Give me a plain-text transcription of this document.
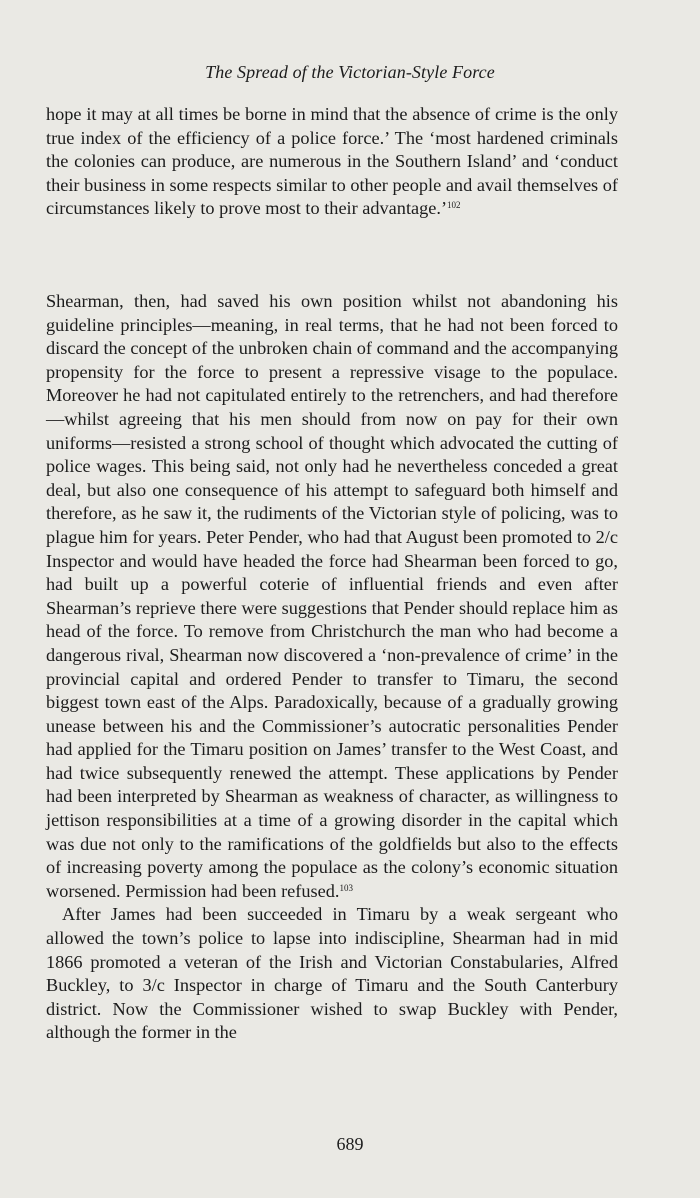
The Spread of the Victorian-Style Force

hope it may at all times be borne in mind that the absence of crime is the only true index of the efficiency of a police force.’ The ‘most hardened criminals the colonies can produce, are numerous in the Southern Island’ and ‘conduct their business in some respects similar to other people and avail themselves of circumstances likely to prove most to their advantage.’$^{102}$

Shearman, then, had saved his own position whilst not abandoning his guideline principles—meaning, in real terms, that he had not been forced to discard the concept of the unbroken chain of command and the accompanying propensity for the force to present a repressive visage to the populace. Moreover he had not capitulated entirely to the retrenchers, and had therefore—whilst agreeing that his men should from now on pay for their own uniforms—resisted a strong school of thought which advocated the cutting of police wages. This being said, not only had he nevertheless conceded a great deal, but also one consequence of his attempt to safeguard both himself and therefore, as he saw it, the rudiments of the Victorian style of policing, was to plague him for years. Peter Pender, who had that August been promoted to 2/c Inspector and would have headed the force had Shearman been forced to go, had built up a powerful coterie of influential friends and even after Shearman’s reprieve there were suggestions that Pender should replace him as head of the force. To remove from Christchurch the man who had become a dangerous rival, Shearman now discovered a ‘non-prevalence of crime’ in the provincial capital and ordered Pender to transfer to Timaru, the second biggest town east of the Alps. Paradoxically, because of a gradually growing unease between his and the Commissioner’s autocratic personalities Pender had applied for the Timaru position on James’ transfer to the West Coast, and had twice subsequently renewed the attempt. These applications by Pender had been interpreted by Shearman as weakness of character, as willingness to jettison responsibilities at a time of a growing disorder in the capital which was due not only to the ramifications of the goldfields but also to the effects of increasing poverty among the populace as the colony’s economic situation worsened. Permission had been refused.$^{103}$

After James had been succeeded in Timaru by a weak sergeant who allowed the town’s police to lapse into indiscipline, Shearman had in mid 1866 promoted a veteran of the Irish and Victorian Constabularies, Alfred Buckley, to 3/c Inspector in charge of Timaru and the South Canterbury district. Now the Commissioner wished to swap Buckley with Pender, although the former in the

689
